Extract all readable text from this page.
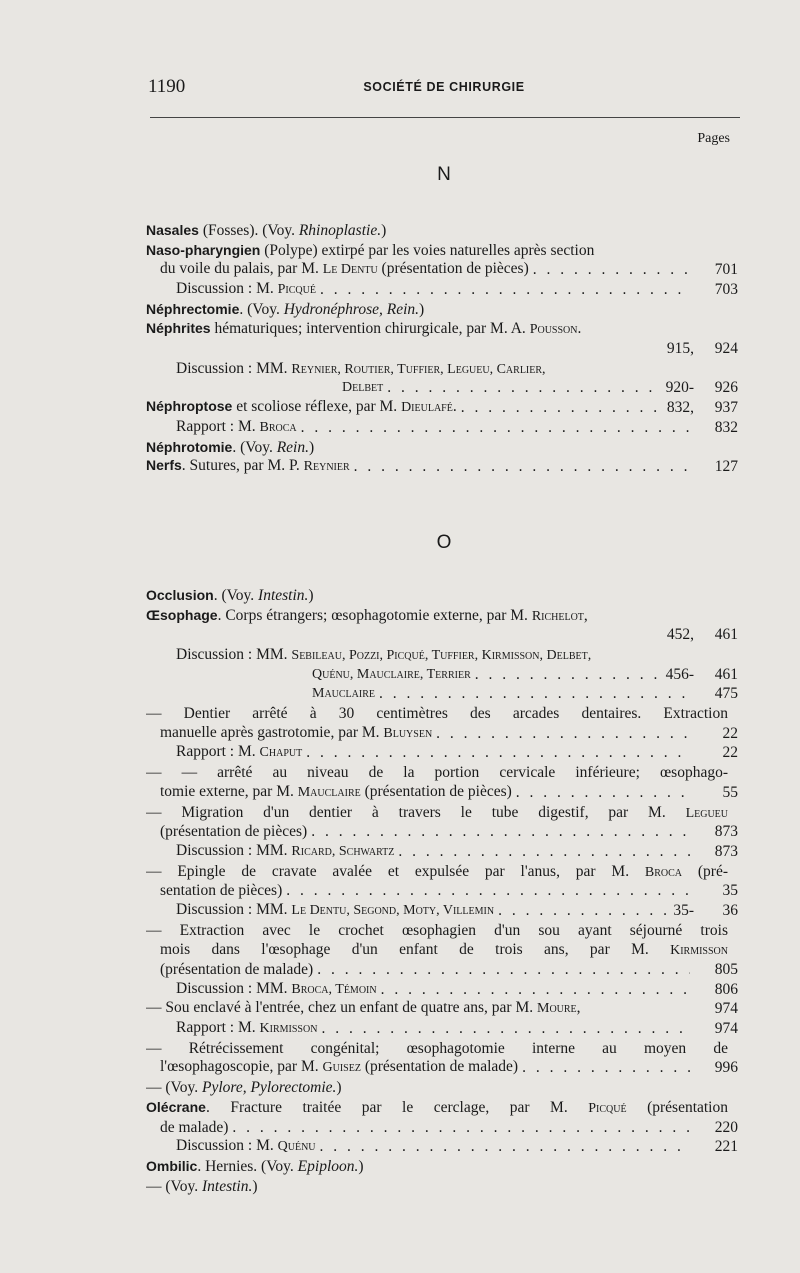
1190	SOCIÉTÉ DE CHIRURGIE
Pages
N
Nasales (Fosses). (Voy. Rhinoplastie.)
Naso-pharyngien (Polype) extirpé par les voies naturelles après section
du voile du palais, par M. Le Dentu (présentation de pièces) . . .	701
Discussion : M. Picqué . . .	703
Néphrectomie. (Voy. Hydronéphrose, Rein.)
Néphrites hématuriques; intervention chirurgicale, par M. A. Pousson.
915,	924
Discussion : MM. Reynier, Routier, Tuffier, Legueu, Carlier,
Delbet . . .	920-	926
Néphroptose et scoliose réflexe, par M. Dieulafé. . . .	832,	937
Rapport : M. Broca . . .	832
Néphrotomie. (Voy. Rein.)
Nerfs. Sutures, par M. P. Reynier . . .	127
O
Occlusion. (Voy. Intestin.)
Œsophage. Corps étrangers; œsophagotomie externe, par M. Richelot,
452,	461
Discussion : MM. Sebileau, Pozzi, Picqué, Tuffier, Kirmisson, Delbet,
Quénu, Mauclaire, Terrier . . .	456-	461
Mauclaire . . .	475
— Dentier arrêté à 30 centimètres des arcades dentaires. Extraction
manuelle après gastrotomie, par M. Bluysen . . .	22
Rapport : M. Chaput . . .	22
— — arrêté au niveau de la portion cervicale inférieure; œsophago-
tomie externe, par M. Mauclaire (présentation de pièces) . . .	55
— Migration d'un dentier à travers le tube digestif, par M. Legueu
(présentation de pièces) . . .	873
Discussion : MM. Ricard, Schwartz . . .	873
— Epingle de cravate avalée et expulsée par l'anus, par M. Broca (pré-
sentation de pièces) . . .	35
Discussion : MM. Le Dentu, Segond, Moty, Villemin . . .	35-	36
— Extraction avec le crochet œsophagien d'un sou ayant séjourné trois
mois dans l'œsophage d'un enfant de trois ans, par M. Kirmisson
(présentation de malade) . . .	805
Discussion : MM. Broca, Témoin . . .	806
— Sou enclavé à l'entrée, chez un enfant de quatre ans, par M. Moure,	974
Rapport : M. Kirmisson . . .	974
— Rétrécissement congénital; œsophagotomie interne au moyen de
l'œsophagoscopie, par M. Guisez (présentation de malade) . . .	996
— (Voy. Pylore, Pylorectomie.)
Olécrane. Fracture traitée par le cerclage, par M. Picqué (présentation
de malade) . . .	220
Discussion : M. Quénu . . .	221
Ombilic. Hernies. (Voy. Epiploon.)
— (Voy. Intestin.)
